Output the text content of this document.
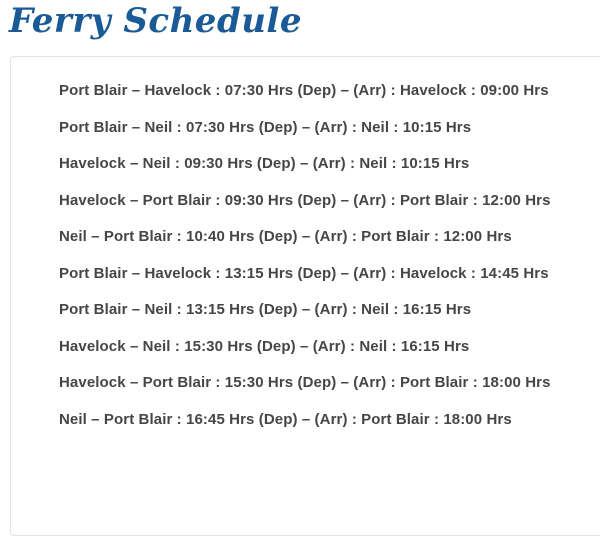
Ferry Schedule
Port Blair – Havelock : 07:30 Hrs (Dep) – (Arr) : Havelock : 09:00 Hrs
Port Blair – Neil : 07:30 Hrs (Dep) – (Arr) : Neil : 10:15 Hrs
Havelock – Neil : 09:30 Hrs (Dep) – (Arr) : Neil : 10:15 Hrs
Havelock – Port Blair : 09:30 Hrs (Dep) – (Arr) : Port Blair : 12:00 Hrs
Neil – Port Blair : 10:40 Hrs (Dep) – (Arr) : Port Blair : 12:00 Hrs
Port Blair – Havelock : 13:15 Hrs (Dep) – (Arr) : Havelock : 14:45 Hrs
Port Blair – Neil : 13:15 Hrs (Dep) – (Arr) : Neil : 16:15 Hrs
Havelock – Neil : 15:30 Hrs (Dep) – (Arr) : Neil : 16:15 Hrs
Havelock – Port Blair : 15:30 Hrs (Dep) – (Arr) : Port Blair : 18:00 Hrs
Neil – Port Blair : 16:45 Hrs (Dep) – (Arr) : Port Blair : 18:00 Hrs
